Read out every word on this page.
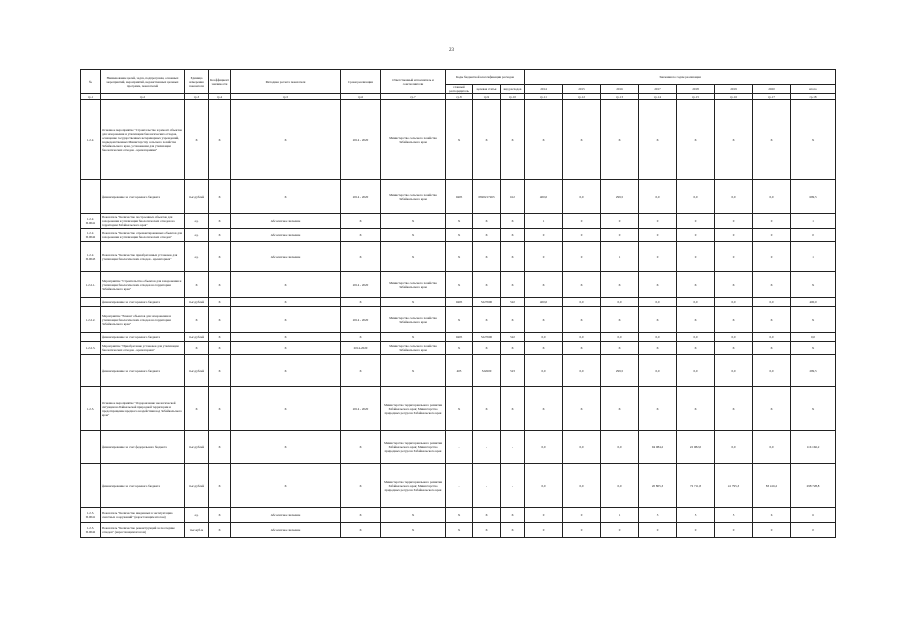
23
№	Наименование целей, задач, подпрограмм, основных мероприятий, мероприятий, ведомственных целевых программ, показателей	Единица измерения показателя	Коэффициент значимости	Методика расчета показателя	Сроки реализации	Ответственный исполнитель и соисполнители	Коды бюджетной классификации расходов			Значения по годам реализации							
							главный распорядитель	целевая статья	вид расходов	2014	2015	2016	2017	2018	2019	2020	итого
гр.1	гр.2	гр.3	гр.4	гр.5	гр.6	гр.7	гр.8	гр.9	гр.10	гр.11	гр.12	гр.13	гр.14	гр.15	гр.16	гр.17	гр.18
1.2.2.	Основное мероприятие "Строительство и ремонт объектов для захоронения и утилизации биологических отходов, оснащение государственных ветеринарных учреждений, подведомственных Министерству сельского хозяйства Забайкальского края, установками для утилизации биологических отходов - крематориями"	Х	Х	Х	2014 - 2020	Министерство сельского хозяйства Забайкальского края	Х	Х	Х	Х	Х	Х	Х	Х	Х	Х	Х
	финансирование за счет краевого бюджета	тыс.рублей	Х	Х	2014 - 2020	Министерство сельского хозяйства Забайкальского края	0405	0820217263	612	400,0	0,0	299,5	0,0	0,0	0,0	0,0	699,5
1.2.2. П.0041	Показатель "Количество построенных объектов для захоронения и утилизации биологических отходов на территории Забайкальского края"	ед.	Х	Абсолютное значение	Х	Х	Х	Х	Х	1	0	0	0	0	0	0	1
1.2.2. П.0042	Показатель "Количество отремонтированных объектов для захоронения и утилизации биологических отходов"	ед.	Х	Абсолютное значение	Х	Х	Х	Х	Х	0	0	0	0	0	0	0	0
1.2.2. П.0043	Показатель "Количество приобретенных установок для утилизации биологических отходов - крематориев"	ед.	Х	Абсолютное значение	Х	Х	Х	Х	Х	0	0	1	0	0	0	0	1
1.2.2.1.	Мероприятие "Строительство объектов для захоронения и утилизации биологических отходов на территории Забайкальского края"	Х	Х	Х	2014 - 2020	Министерство сельского хозяйства Забайкальского края	Х	Х	Х	Х	Х	Х	Х	Х	Х	Х	Х
	финансирование за счет краевого бюджета	тыс.рублей	Х	Х	Х	Х	0405	5227600	522	400,0	0,0	0,0	0,0	0,0	0,0	0,0	400,0
1.2.2.2.	Мероприятие "Ремонт объектов для захоронения и утилизации биологических отходов на территории Забайкальского края"	Х	Х	Х	2014 - 2020	Министерство сельского хозяйства Забайкальского края	Х	Х	Х	Х	Х	Х	Х	Х	Х	Х	Х
	финансирование за счет краевого бюджета	тыс.рублей	Х	Х	Х	Х	0405	5227600	522	0,0	0,0	0,0	0,0	0,0	0,0	0,0	0,0
1.2.2.3.	Мероприятие "Приобретение установок для утилизации биологических отходов - крематориев"	Х	Х	Х	2014-2020	Министерство сельского хозяйства Забайкальского края	Х	Х	Х	Х	Х	Х	Х	Х	Х	Х	Х
	финансирование за счет краевого бюджета	тыс.рублей	Х	Х	Х	Х	405	522600	523	0,0	0,0	299,5	0,0	0,0	0,0	0,0	299,5
1.2.3.	Основное мероприятие "Оздоровление экологической ситуации на Байкальской природной территории и предотвращение вредного воздействия вод Забайкальского края"	Х	Х	Х	2014 - 2020	Министерство территориального развития Забайкальского края; Министерство природных ресурсов Забайкальского края	Х	Х	Х	Х	Х	Х	Х	Х	Х	Х	Х
	финансирование за счет федерального бюджета	тыс.рублей	Х	Х	Х	Министерство территориального развития Забайкальского края; Министерство природных ресурсов Забайкальского края	-	-	-	0,0	0,0	0,0	94 084,2	22 082,0	0,0	0,0	116 166,2
	финансирование за счет краевого бюджета	тыс.рублей	Х	Х	Х	Министерство территориального развития Забайкальского края; Министерство природных ресурсов Забайкальского края	-	-	-	0,0	0,0	0,0	20 805,3	72 711,8	41 795,3	83 416,2	298 728,8
1.2.3. П.0041	Показатель "Количество введенных в эксплуатацию очистных сооружений" (нарастающим итогом)	ед.	Х	Абсолютное значение	Х	Х	Х	Х	Х	0	0	1	3	5	5	6	6
1.2.3. П.0042	Показатель "Количество реконструкций за последние отходов" (нарастающим итогом)	тыс.куб.м	Х	Абсолютное значение	Х	Х	Х	Х	Х	0	0	0	0	0	0	0	0
